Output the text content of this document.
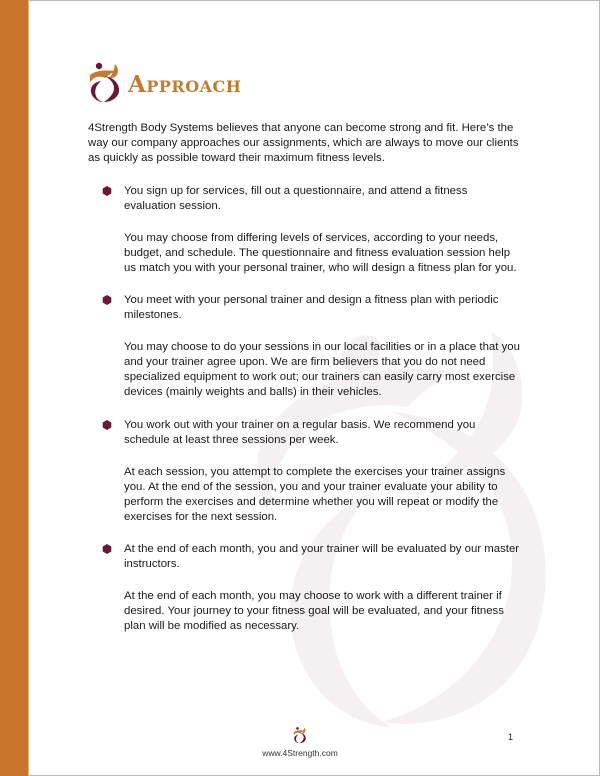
Approach

4Strength Body Systems believes that anyone can become strong and fit. Here’s the way our company approaches our assignments, which are always to move our clients as quickly as possible toward their maximum fitness levels.

You sign up for services, fill out a questionnaire, and attend a fitness evaluation session.

You may choose from differing levels of services, according to your needs, budget, and schedule. The questionnaire and fitness evaluation session help us match you with your personal trainer, who will design a fitness plan for you.

You meet with your personal trainer and design a fitness plan with periodic milestones.

You may choose to do your sessions in our local facilities or in a place that you and your trainer agree upon. We are firm believers that you do not need specialized equipment to work out; our trainers can easily carry most exercise devices (mainly weights and balls) in their vehicles.

You work out with your trainer on a regular basis. We recommend you schedule at least three sessions per week.

At each session, you attempt to complete the exercises your trainer assigns you. At the end of the session, you and your trainer evaluate your ability to perform the exercises and determine whether you will repeat or modify the exercises for the next session.

At the end of each month, you and your trainer will be evaluated by our master instructors.

At the end of each month, you may choose to work with a different trainer if desired. Your journey to your fitness goal will be evaluated, and your fitness plan will be modified as necessary.

www.4Strength.com
1
